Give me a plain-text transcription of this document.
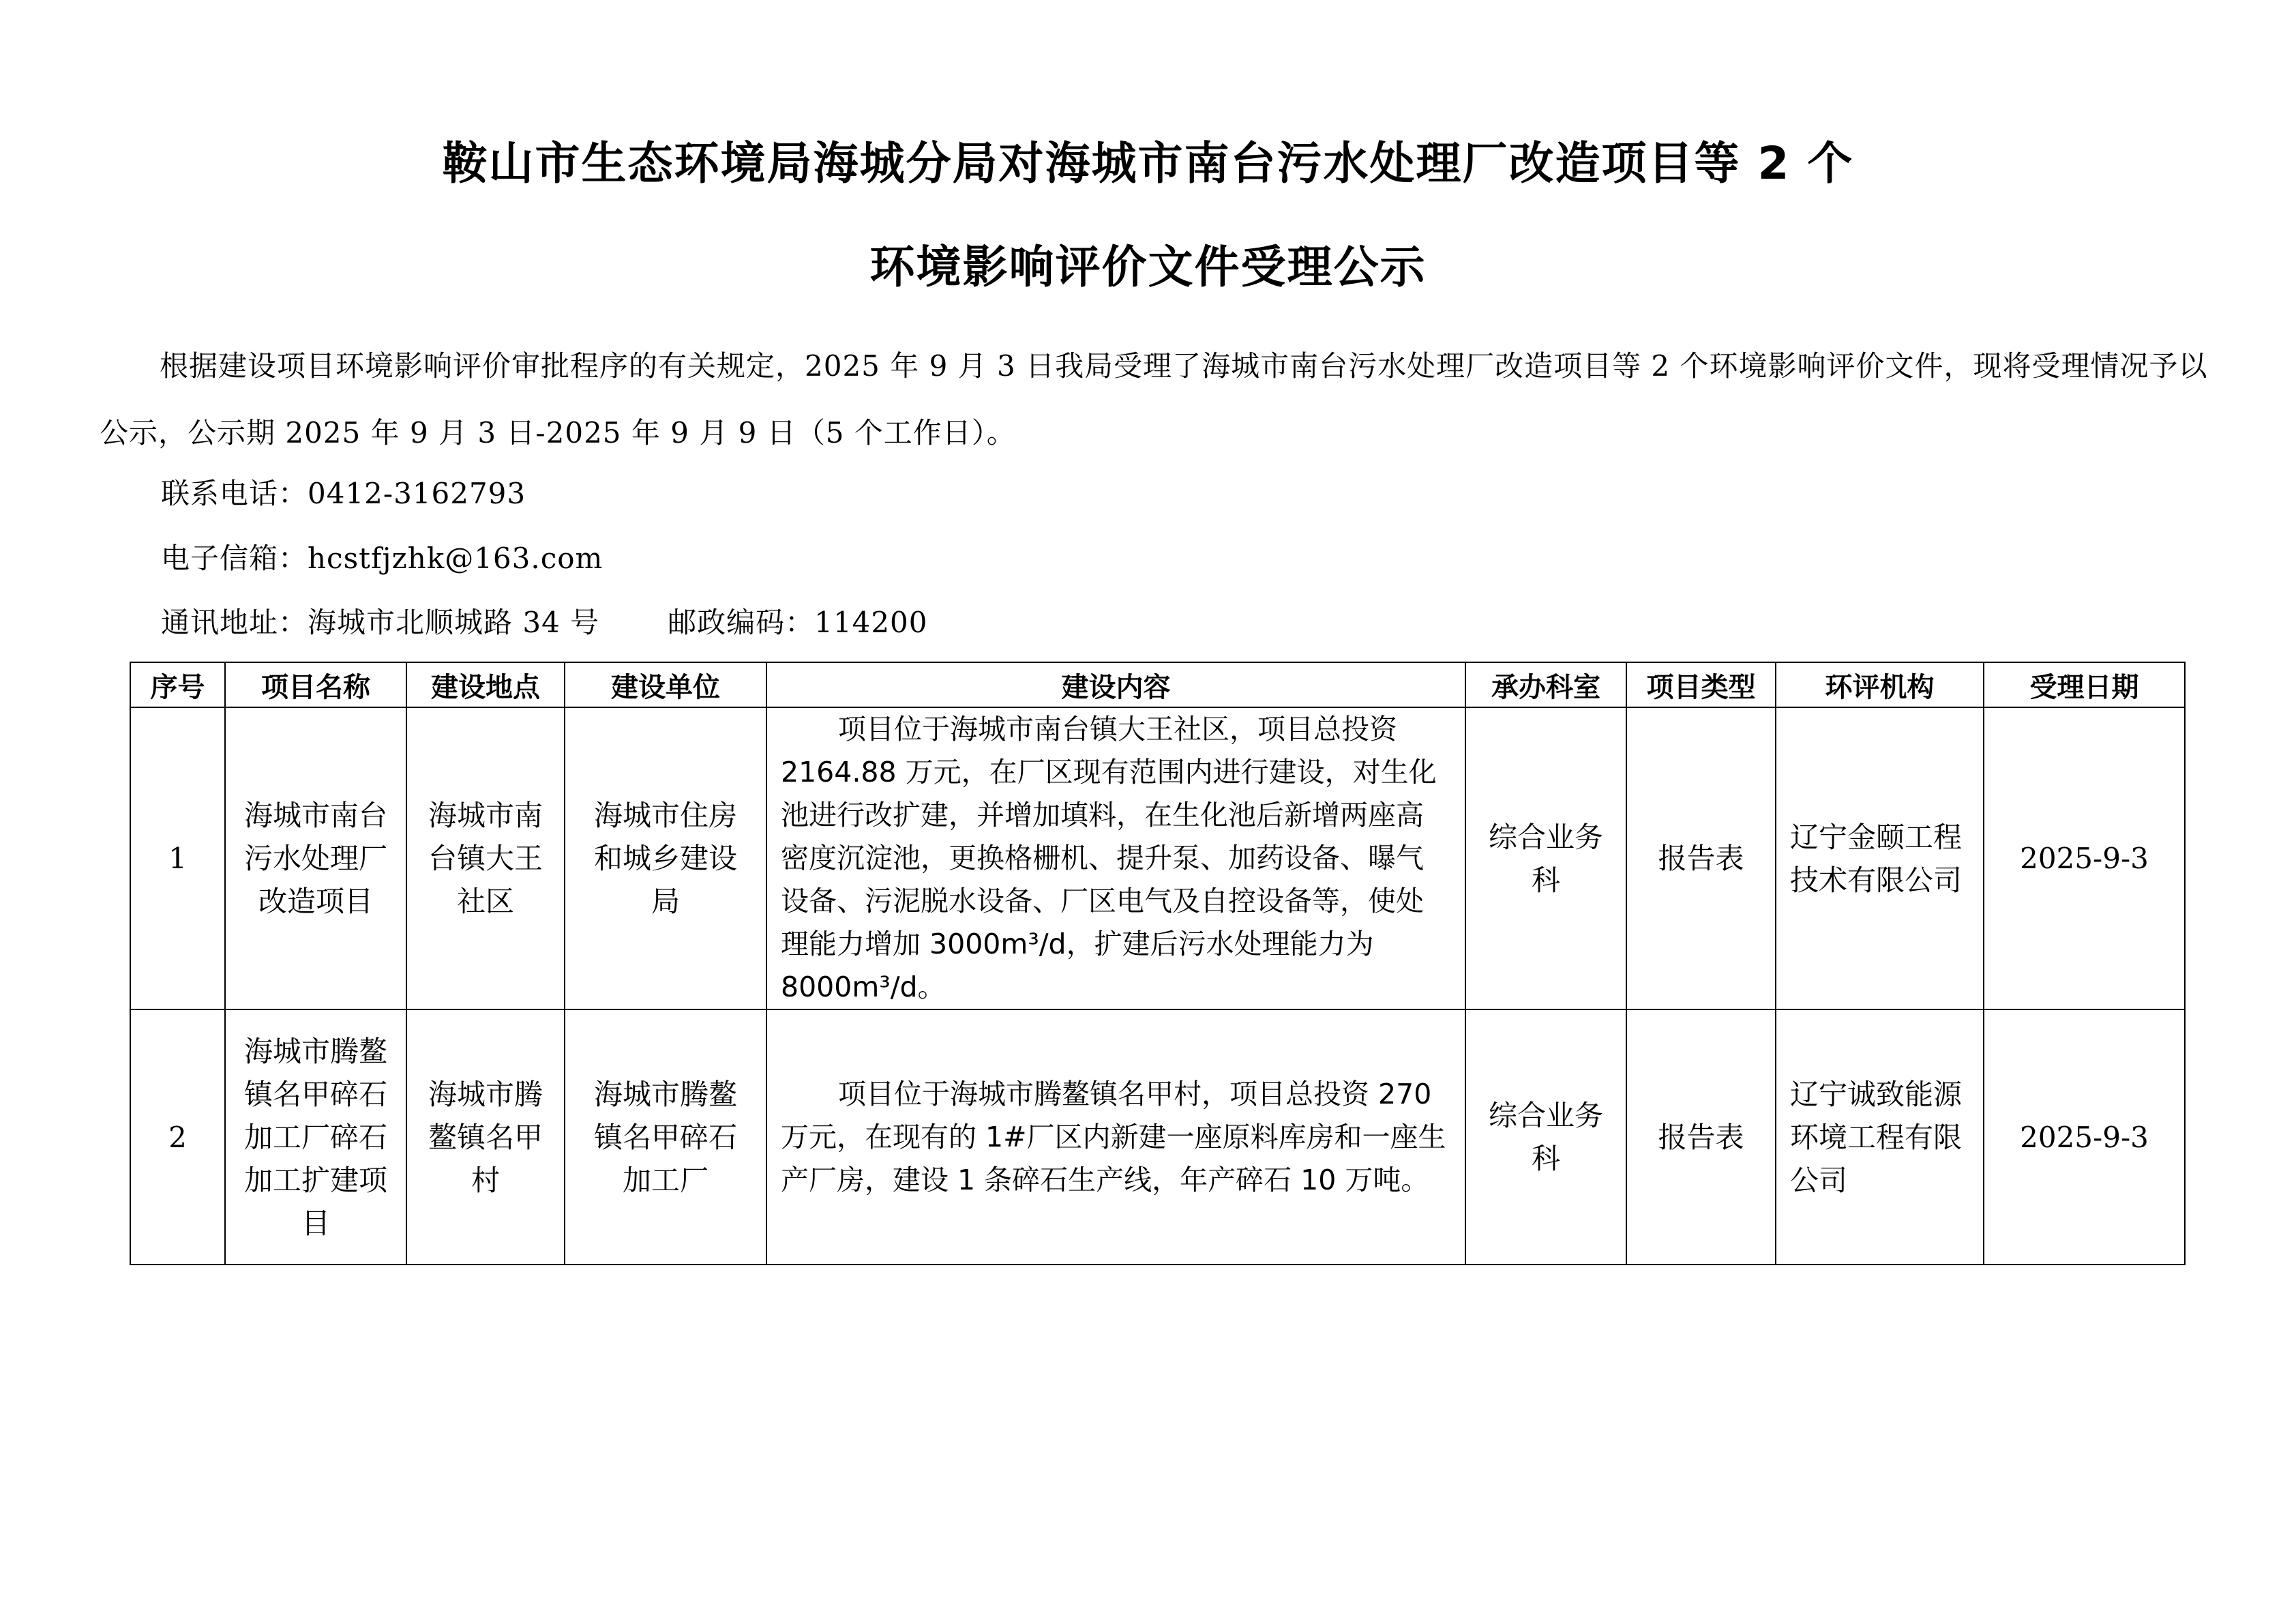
鞍山市生态环境局海城分局对海城市南台污水处理厂改造项目等 2 个
环境影响评价文件受理公示
根据建设项目环境影响评价审批程序的有关规定，2025 年 9 月 3 日我局受理了海城市南台污水处理厂改造项目等 2 个环境影响评价文件，现将受理情况予以公示，公示期 2025 年 9 月 3 日-2025 年 9 月 9 日（5 个工作日）。
联系电话：0412-3162793
电子信箱：hcstfjzhk@163.com
通讯地址：海城市北顺城路 34 号 邮政编码：114200
序号	项目名称	建设地点	建设单位	建设内容	承办科室	项目类型	环评机构	受理日期
1	海城市南台污水处理厂改造项目	海城市南台镇大王社区	海城市住房和城乡建设局	项目位于海城市南台镇大王社区，项目总投资 2164.88 万元，在厂区现有范围内进行建设，对生化池进行改扩建，并增加填料，在生化池后新增两座高密度沉淀池，更换格栅机、提升泵、加药设备、曝气设备、污泥脱水设备、厂区电气及自控设备等，使处理能力增加 3000m³/d，扩建后污水处理能力为 8000m³/d。	综合业务科	报告表	辽宁金颐工程技术有限公司	2025-9-3
2	海城市腾鳌镇名甲碎石加工厂碎石加工扩建项目	海城市腾鳌镇名甲村	海城市腾鳌镇名甲碎石加工厂	项目位于海城市腾鳌镇名甲村，项目总投资 270 万元，在现有的 1#厂区内新建一座原料库房和一座生产厂房，建设 1 条碎石生产线，年产碎石 10 万吨。	综合业务科	报告表	辽宁诚致能源环境工程有限公司	2025-9-3
